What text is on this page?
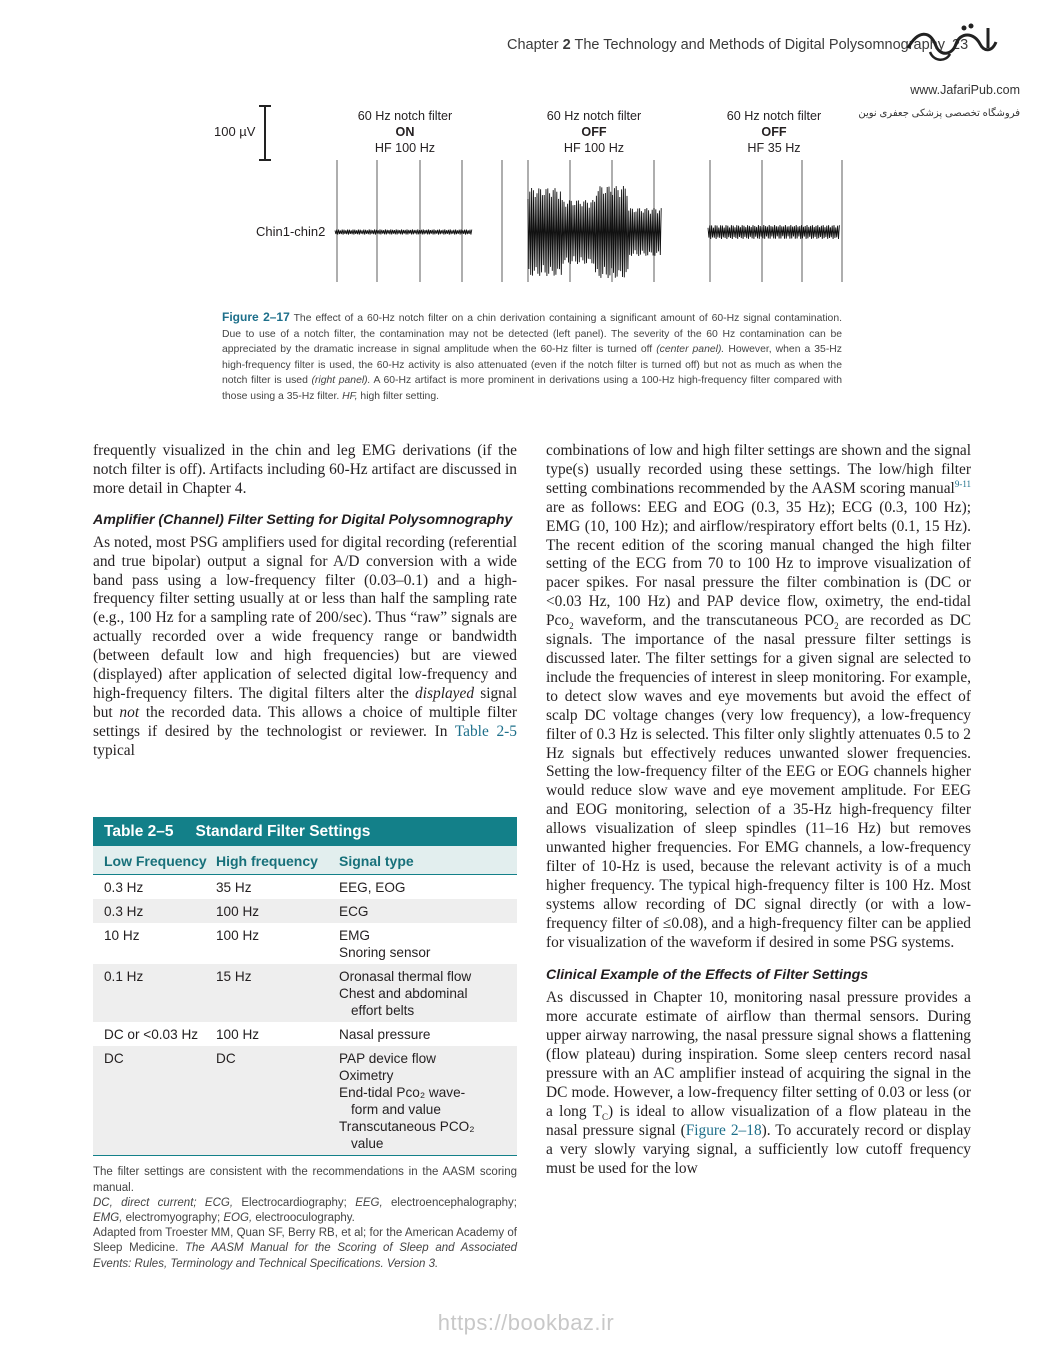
Chapter 2 The Technology and Methods of Digital Polysomnography 23
www.JafariPub.com
فروشگاه تخصصی پزشکی جعفری نوین
100 µV
60 Hz notch filter
ON
HF 100 Hz
60 Hz notch filter
OFF
HF 100 Hz
60 Hz notch filter
OFF
HF 35 Hz
Chin1-chin2
Figure 2–17 The effect of a 60-Hz notch filter on a chin derivation containing a significant amount of 60-Hz signal contamination. Due to use of a notch filter, the contamination may not be detected (left panel). The severity of the 60 Hz contamination can be appreciated by the dramatic increase in signal amplitude when the 60-Hz filter is turned off (center panel). However, when a 35-Hz high-frequency filter is used, the 60-Hz activity is also attenuated (even if the notch filter is turned off) but not as much as when the notch filter is used (right panel). A 60-Hz artifact is more prominent in derivations using a 100-Hz high-frequency filter compared with those using a 35-Hz filter. HF, high filter setting.

frequently visualized in the chin and leg EMG derivations (if the notch filter is off). Artifacts including 60-Hz artifact are discussed in more detail in Chapter 4.

Amplifier (Channel) Filter Setting for Digital Polysomnography

As noted, most PSG amplifiers used for digital recording (referential and true bipolar) output a signal for A/D conversion with a wide band pass using a low-frequency filter (0.03–0.1) and a high-frequency filter setting usually at or less than half the sampling rate (e.g., 100 Hz for a sampling rate of 200/sec). Thus “raw” signals are actually recorded over a wide frequency range or bandwidth (between default low and high frequencies) but are viewed (displayed) after application of selected digital low-frequency and high-frequency filters. The digital filters alter the displayed signal but not the recorded data. This allows a choice of multiple filter settings if desired by the technologist or reviewer. In Table 2-5 typical

Table 2–5 Standard Filter Settings
Low Frequency High frequency	Signal type
0.3 Hz	35 Hz	EEG, EOG
0.3 Hz	100 Hz	ECG
10 Hz	100 Hz	EMG
Snoring sensor
0.1 Hz	15 Hz	Oronasal thermal flow
Chest and abdominal
effort belts
DC or <0.03 Hz	100 Hz	Nasal pressure
DC	DC	PAP device flow
Oximetry
End-tidal Pco₂ wave-
form and value
Transcutaneous PCO₂
value

The filter settings are consistent with the recommendations in the AASM scoring manual.

DC, direct current; ECG, Electrocardiography; EEG, electroencephalography; EMG, electromyography; EOG, electrooculography.

Adapted from Troester MM, Quan SF, Berry RB, et al; for the American Academy of Sleep Medicine. The AASM Manual for the Scoring of Sleep and Associated Events: Rules, Terminology and Technical Specifications. Version 3.

combinations of low and high filter settings are shown and the signal type(s) usually recorded using these settings. The low/high filter setting combinations recommended by the AASM scoring manual$^{9-11}$ are as follows: EEG and EOG (0.3, 35 Hz); ECG (0.3, 100 Hz); EMG (10, 100 Hz); and airflow/respiratory effort belts (0.1, 15 Hz). The recent edition of the scoring manual changed the high filter setting of the ECG from 70 to 100 Hz to improve visualization of pacer spikes. For nasal pressure the filter combination is (DC or <0.03 Hz, 100 Hz) and PAP device flow, oximetry, the end-tidal Pco$_2$ waveform, and the transcutaneous $PCO_2$ are recorded as DC signals. The importance of the nasal pressure filter settings is discussed later. The filter settings for a given signal are selected to include the frequencies of interest in sleep monitoring. For example, to detect slow waves and eye movements but avoid the effect of scalp DC voltage changes (very low frequency), a low-frequency filter of 0.3 Hz is selected. This filter only slightly attenuates 0.5 to 2 Hz signals but effectively reduces unwanted slower frequencies. Setting the low-frequency filter of the EEG or EOG channels higher would reduce slow wave and eye movement amplitude. For EEG and EOG monitoring, selection of a 35-Hz high-frequency filter allows visualization of sleep spindles (11–16 Hz) but removes unwanted higher frequencies. For EMG channels, a low-frequency filter of 10-Hz is used, because the relevant activity is of a much higher frequency. The typical high-frequency filter is 100 Hz. Most systems allow recording of DC signal directly (or with a low-frequency filter of ≤0.08), and a high-frequency filter can be applied for visualization of the waveform if desired in some PSG systems.

Clinical Example of the Effects of Filter Settings

As discussed in Chapter 10, monitoring nasal pressure provides a more accurate estimate of airflow than thermal sensors. During upper airway narrowing, the nasal pressure signal shows a flattening (flow plateau) during inspiration. Some sleep centers record nasal pressure with an AC amplifier instead of acquiring the signal in the DC mode. However, a low-frequency filter setting of 0.03 or less (or a long $T_C$) is ideal to allow visualization of a flow plateau in the nasal pressure signal (Figure 2–18). To accurately record or display a very slowly varying signal, a sufficiently low cutoff frequency must be used for the low

https://bookbaz.ir
